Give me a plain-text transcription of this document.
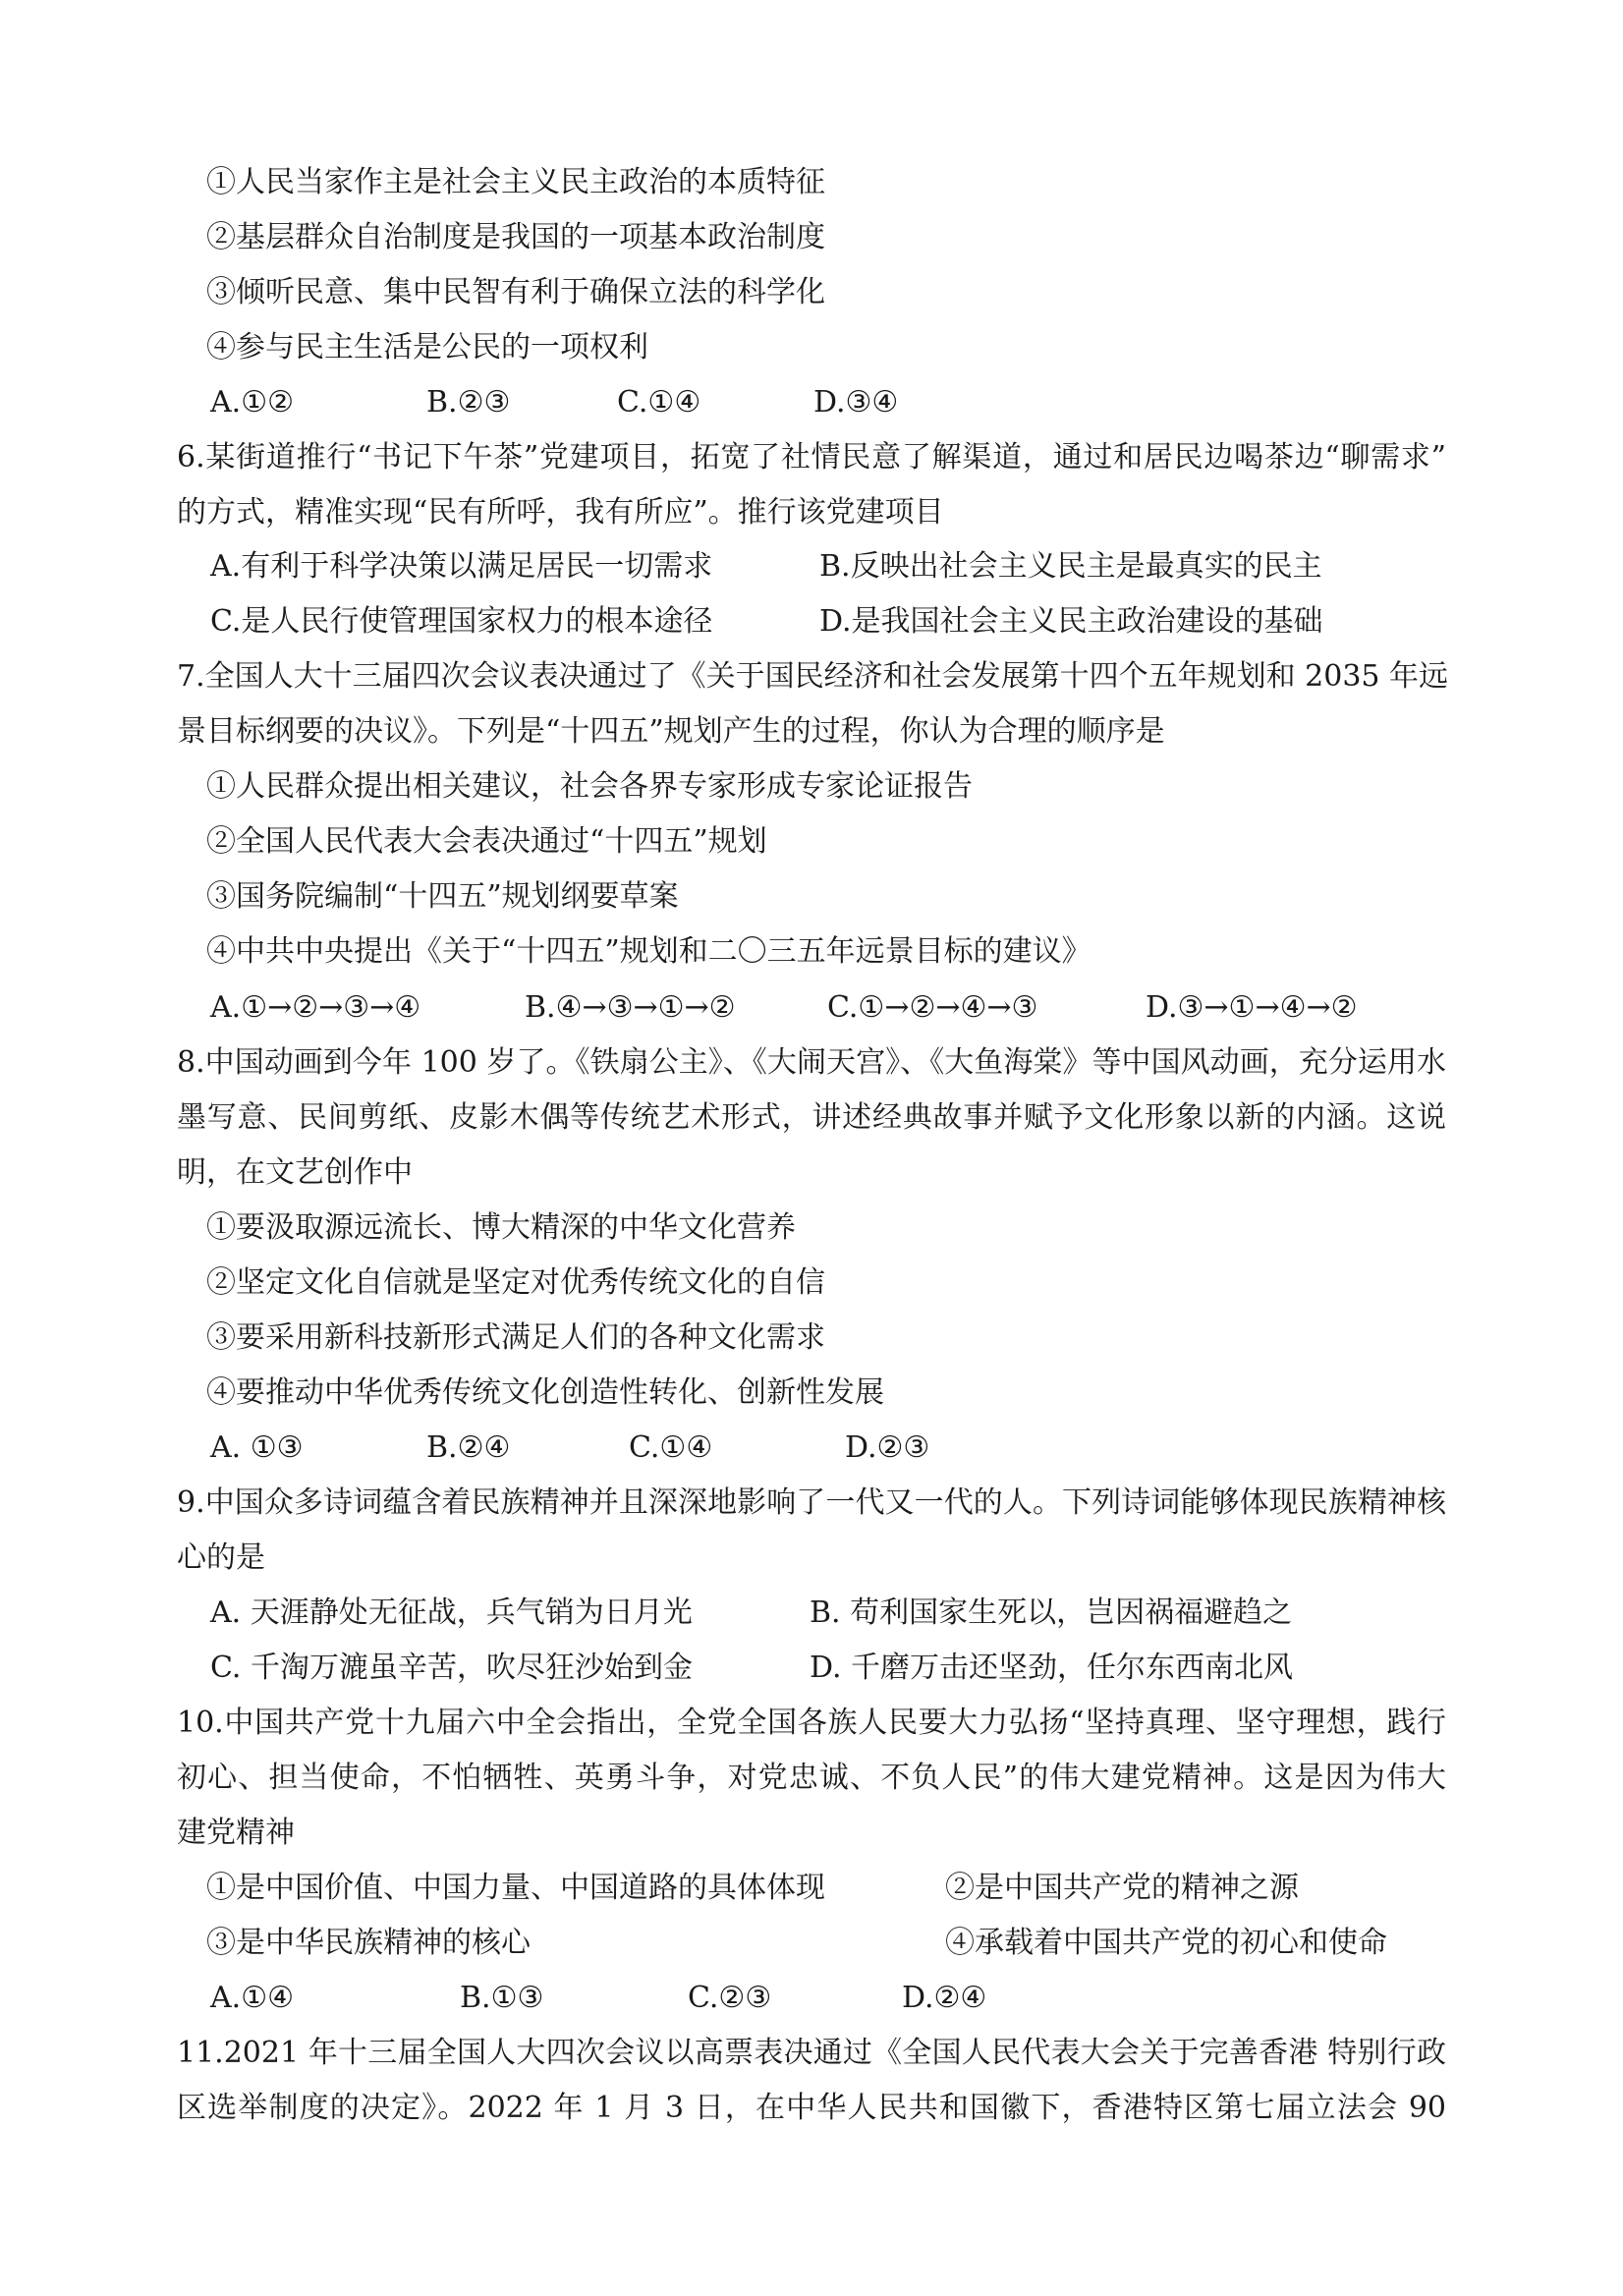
①人民当家作主是社会主义民主政治的本质特征
②基层群众自治制度是我国的一项基本政治制度
③倾听民意、集中民智有利于确保立法的科学化
④参与民主生活是公民的一项权利
A.①②	B.②③	C.①④	D.③④
6.某街道推行“书记下午茶”党建项目，拓宽了社情民意了解渠道，通过和居民边喝茶边“聊需求”
的方式，精准实现“民有所呼，我有所应”。推行该党建项目
A.有利于科学决策以满足居民一切需求	B.反映出社会主义民主是最真实的民主
C.是人民行使管理国家权力的根本途径	D.是我国社会主义民主政治建设的基础
7.全国人大十三届四次会议表决通过了《关于国民经济和社会发展第十四个五年规划和 2035 年远
景目标纲要的决议》。下列是“十四五”规划产生的过程，你认为合理的顺序是
①人民群众提出相关建议，社会各界专家形成专家论证报告
②全国人民代表大会表决通过“十四五”规划
③国务院编制“十四五”规划纲要草案
④中共中央提出《关于“十四五”规划和二〇三五年远景目标的建议》
A.①→②→③→④	B.④→③→①→②	C.①→②→④→③	D.③→①→④→②
8.中国动画到今年 100 岁了。《铁扇公主》、《大闹天宫》、《大鱼海棠》等中国风动画，充分运用水
墨写意、民间剪纸、皮影木偶等传统艺术形式，讲述经典故事并赋予文化形象以新的内涵。这说
明，在文艺创作中
①要汲取源远流长、博大精深的中华文化营养
②坚定文化自信就是坚定对优秀传统文化的自信
③要采用新科技新形式满足人们的各种文化需求
④要推动中华优秀传统文化创造性转化、创新性发展
A. ①③	B.②④	C.①④	D.②③
9.中国众多诗词蕴含着民族精神并且深深地影响了一代又一代的人。下列诗词能够体现民族精神核
心的是
A. 天涯静处无征战，兵气销为日月光	B. 苟利国家生死以，岂因祸福避趋之
C. 千淘万漉虽辛苦，吹尽狂沙始到金	D. 千磨万击还坚劲，任尔东西南北风
10.中国共产党十九届六中全会指出，全党全国各族人民要大力弘扬“坚持真理、坚守理想，践行
初心、担当使命，不怕牺牲、英勇斗争，对党忠诚、不负人民”的伟大建党精神。这是因为伟大
建党精神
①是中国价值、中国力量、中国道路的具体体现	②是中国共产党的精神之源
③是中华民族精神的核心	④承载着中国共产党的初心和使命
A.①④	B.①③	C.②③	D.②④
11.2021 年十三届全国人大四次会议以高票表决通过《全国人民代表大会关于完善香港 特别行政
区选举制度的决定》。2022 年 1 月 3 日，在中华人民共和国徽下，香港特区第七届立法会 90
